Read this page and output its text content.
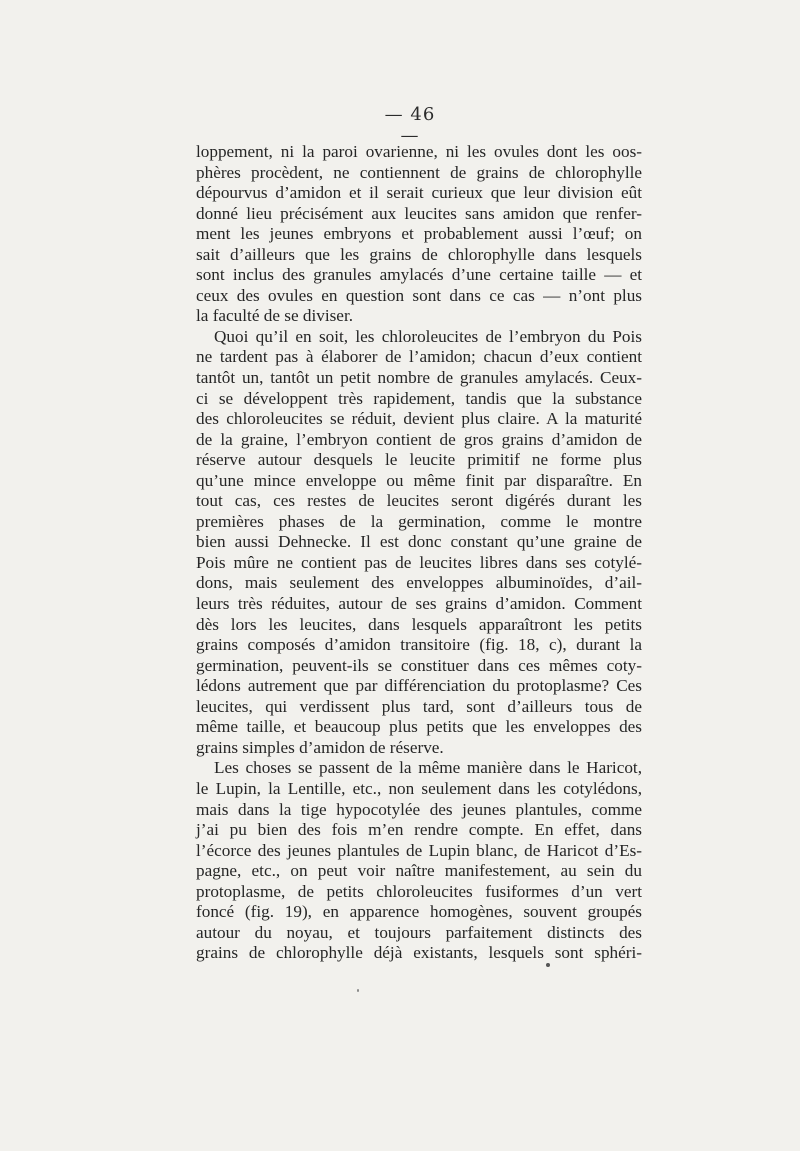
— 46 —
loppement, ni la paroi ovarienne, ni les ovules dont les oos-
phères procèdent, ne contiennent de grains de chlorophylle
dépourvus d’amidon et il serait curieux que leur division eût
donné lieu précisément aux leucites sans amidon que renfer-
ment les jeunes embryons et probablement aussi l’œuf; on
sait d’ailleurs que les grains de chlorophylle dans lesquels
sont inclus des granules amylacés d’une certaine taille — et
ceux des ovules en question sont dans ce cas — n’ont plus
la faculté de se diviser.
Quoi qu’il en soit, les chloroleucites de l’embryon du Pois
ne tardent pas à élaborer de l’amidon; chacun d’eux contient
tantôt un, tantôt un petit nombre de granules amylacés. Ceux-
ci se développent très rapidement, tandis que la substance
des chloroleucites se réduit, devient plus claire. A la maturité
de la graine, l’embryon contient de gros grains d’amidon de
réserve autour desquels le leucite primitif ne forme plus
qu’une mince enveloppe ou même finit par disparaître. En
tout cas, ces restes de leucites seront digérés durant les
premières phases de la germination, comme le montre
bien aussi Dehnecke. Il est donc constant qu’une graine de
Pois mûre ne contient pas de leucites libres dans ses cotylé-
dons, mais seulement des enveloppes albuminoïdes, d’ail-
leurs très réduites, autour de ses grains d’amidon. Comment
dès lors les leucites, dans lesquels apparaîtront les petits
grains composés d’amidon transitoire (fig. 18, c), durant la
germination, peuvent-ils se constituer dans ces mêmes coty-
lédons autrement que par différenciation du protoplasme? Ces
leucites, qui verdissent plus tard, sont d’ailleurs tous de
même taille, et beaucoup plus petits que les enveloppes des
grains simples d’amidon de réserve.
Les choses se passent de la même manière dans le Haricot,
le Lupin, la Lentille, etc., non seulement dans les cotylédons,
mais dans la tige hypocotylée des jeunes plantules, comme
j’ai pu bien des fois m’en rendre compte. En effet, dans
l’écorce des jeunes plantules de Lupin blanc, de Haricot d’Es-
pagne, etc., on peut voir naître manifestement, au sein du
protoplasme, de petits chloroleucites fusiformes d’un vert
foncé (fig. 19), en apparence homogènes, souvent groupés
autour du noyau, et toujours parfaitement distincts des
grains de chlorophylle déjà existants, lesquels sont sphéri-
